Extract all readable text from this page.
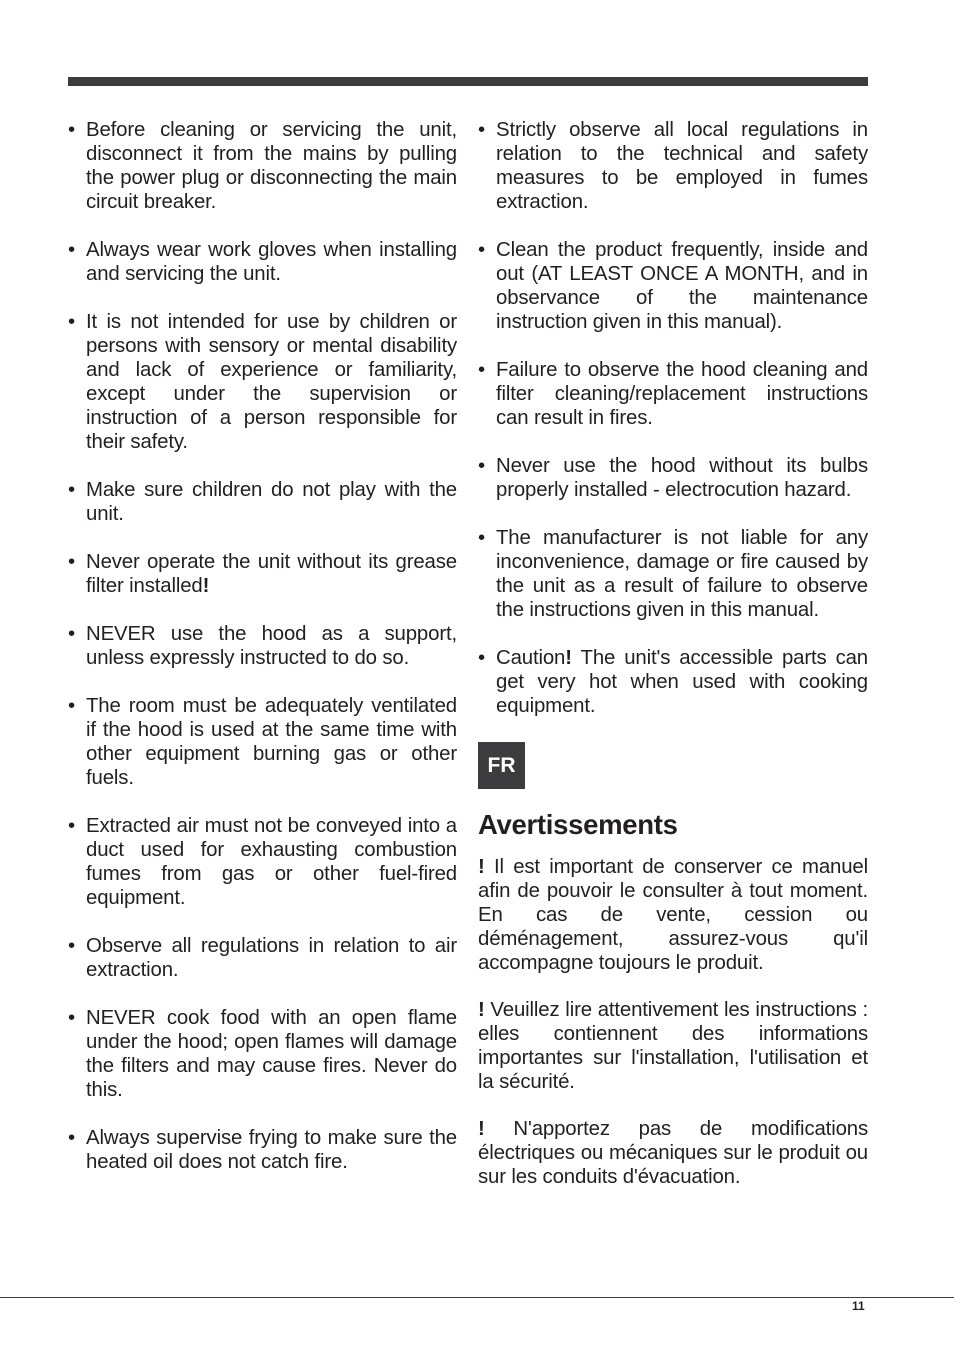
• Before cleaning or servicing the unit, disconnect it from the mains by pulling the power plug or disconnecting the main circuit breaker.
• Always wear work gloves when installing and servicing the unit.
• It is not intended for use by children or persons with sensory or mental disability and lack of experience or familiarity, except under the supervision or instruction of a person responsible for their safety.
• Make sure children do not play with the unit.
• Never operate the unit without its grease filter installed!
• NEVER use the hood as a support, unless expressly instructed to do so.
• The room must be adequately ventilated if the hood is used at the same time with other equipment burning gas or other fuels.
• Extracted air must not be conveyed into a duct used for exhausting combustion fumes from gas or other fuel-fired equipment.
• Observe all regulations in relation to air extraction.
• NEVER cook food with an open flame under the hood; open flames will damage the filters and may cause fires. Never do this.
• Always supervise frying to make sure the heated oil does not catch fire.
• Strictly observe all local regulations in relation to the technical and safety measures to be employed in fumes extraction.
• Clean the product frequently, inside and out (AT LEAST ONCE A MONTH, and in observance of the maintenance instruction given in this manual).
• Failure to observe the hood cleaning and filter cleaning/replacement instructions can result in fires.
• Never use the hood without its bulbs properly installed - electrocution hazard.
• The manufacturer is not liable for any inconvenience, damage or fire caused by the unit as a result of failure to observe the instructions given in this manual.
• Caution! The unit's accessible parts can get very hot when used with cooking equipment.
FR
Avertissements

! Il est important de conserver ce manuel afin de pouvoir le consulter à tout moment. En cas de vente, cession ou déménagement, assurez-vous qu'il accompagne toujours le produit.

! Veuillez lire attentivement les instructions : elles contiennent des informations importantes sur l'installation, l'utilisation et la sécurité.

! N'apportez pas de modifications électriques ou mécaniques sur le produit ou sur les conduits d'évacuation.

11
